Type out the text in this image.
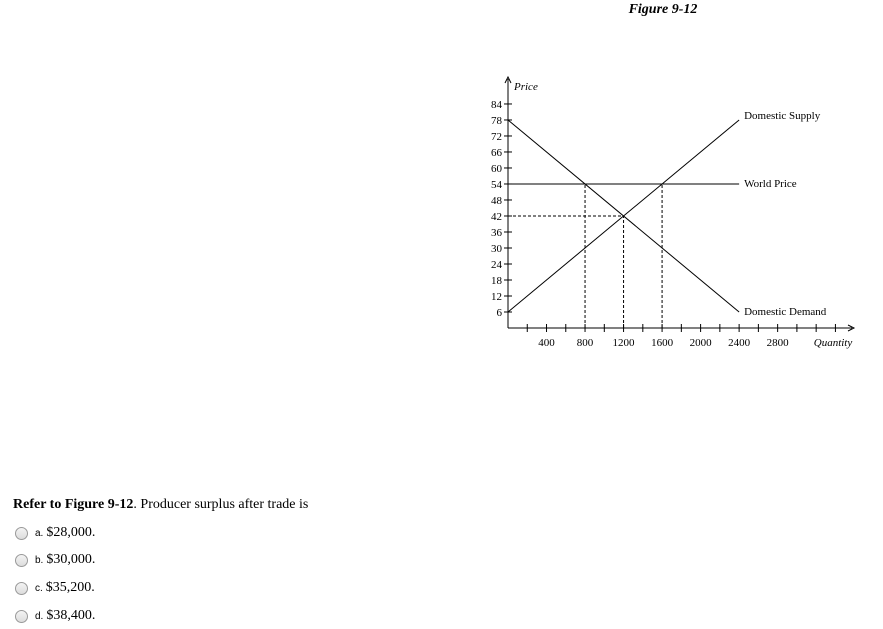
Figure 9-12
6
12
18
24
30
36
42
48
54
60
66
72
78
84
400 800 1200 1600 2000 2400 2800
Price
Quantity
Domestic Supply
Domestic Demand
World Price
Refer to Figure 9-12. Producer surplus after trade is
a. $28,000.
b. $30,000.
c. $35,200.
d. $38,400.
